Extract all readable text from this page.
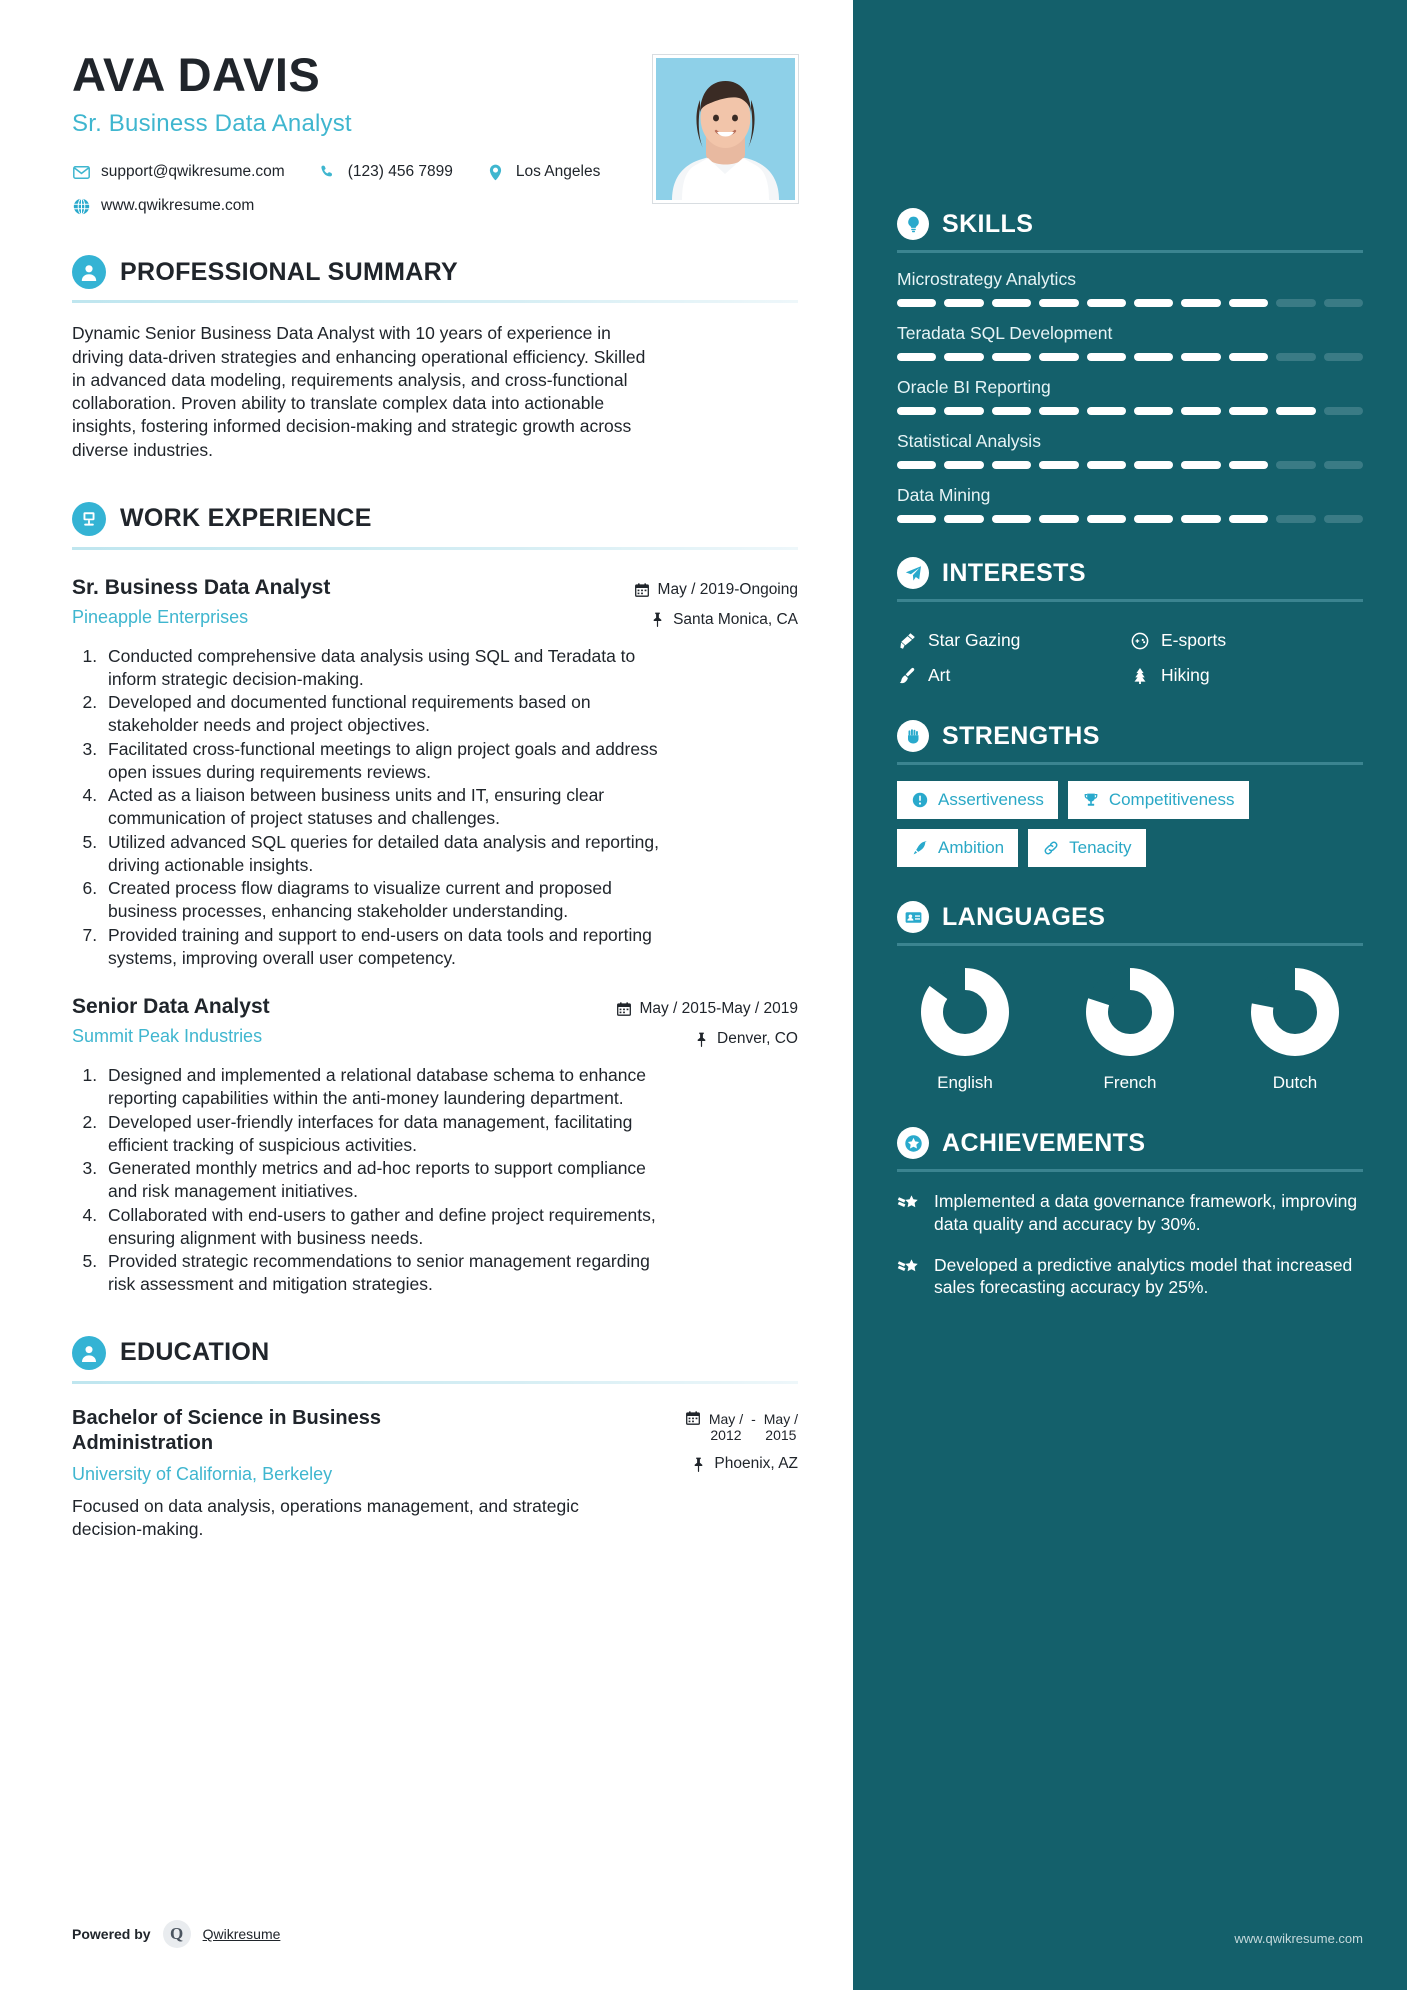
AVA DAVIS
Sr. Business Data Analyst
support@qwikresume.com	(123) 456 7899	Los Angeles
www.qwikresume.com
PROFESSIONAL SUMMARY
Dynamic Senior Business Data Analyst with 10 years of experience in driving data-driven strategies and enhancing operational efficiency. Skilled in advanced data modeling, requirements analysis, and cross-functional collaboration. Proven ability to translate complex data into actionable insights, fostering informed decision-making and strategic growth across diverse industries.
WORK EXPERIENCE
Sr. Business Data Analyst
Pineapple Enterprises
May / 2019-Ongoing
Santa Monica, CA
1. Conducted comprehensive data analysis using SQL and Teradata to inform strategic decision-making.
2. Developed and documented functional requirements based on stakeholder needs and project objectives.
3. Facilitated cross-functional meetings to align project goals and address open issues during requirements reviews.
4. Acted as a liaison between business units and IT, ensuring clear communication of project statuses and challenges.
5. Utilized advanced SQL queries for detailed data analysis and reporting, driving actionable insights.
6. Created process flow diagrams to visualize current and proposed business processes, enhancing stakeholder understanding.
7. Provided training and support to end-users on data tools and reporting systems, improving overall user competency.
Senior Data Analyst
Summit Peak Industries
May / 2015-May / 2019
Denver, CO
1. Designed and implemented a relational database schema to enhance reporting capabilities within the anti-money laundering department.
2. Developed user-friendly interfaces for data management, facilitating efficient tracking of suspicious activities.
3. Generated monthly metrics and ad-hoc reports to support compliance and risk management initiatives.
4. Collaborated with end-users to gather and define project requirements, ensuring alignment with business needs.
5. Provided strategic recommendations to senior management regarding risk assessment and mitigation strategies.
EDUCATION
Bachelor of Science in Business Administration
University of California, Berkeley
May /
2012
- May /
2015
Phoenix, AZ
Focused on data analysis, operations management, and strategic decision-making.
Powered by	Q	Qwikresume
SKILLS
Microstrategy Analytics
Teradata SQL Development
Oracle BI Reporting
Statistical Analysis
Data Mining
INTERESTS
Star Gazing	E-sports
Art	Hiking
STRENGTHS
Assertiveness	Competitiveness
Ambition	Tenacity
LANGUAGES
English	French	Dutch
ACHIEVEMENTS
Implemented a data governance framework, improving data quality and accuracy by 30%.
Developed a predictive analytics model that increased sales forecasting accuracy by 25%.
www.qwikresume.com
